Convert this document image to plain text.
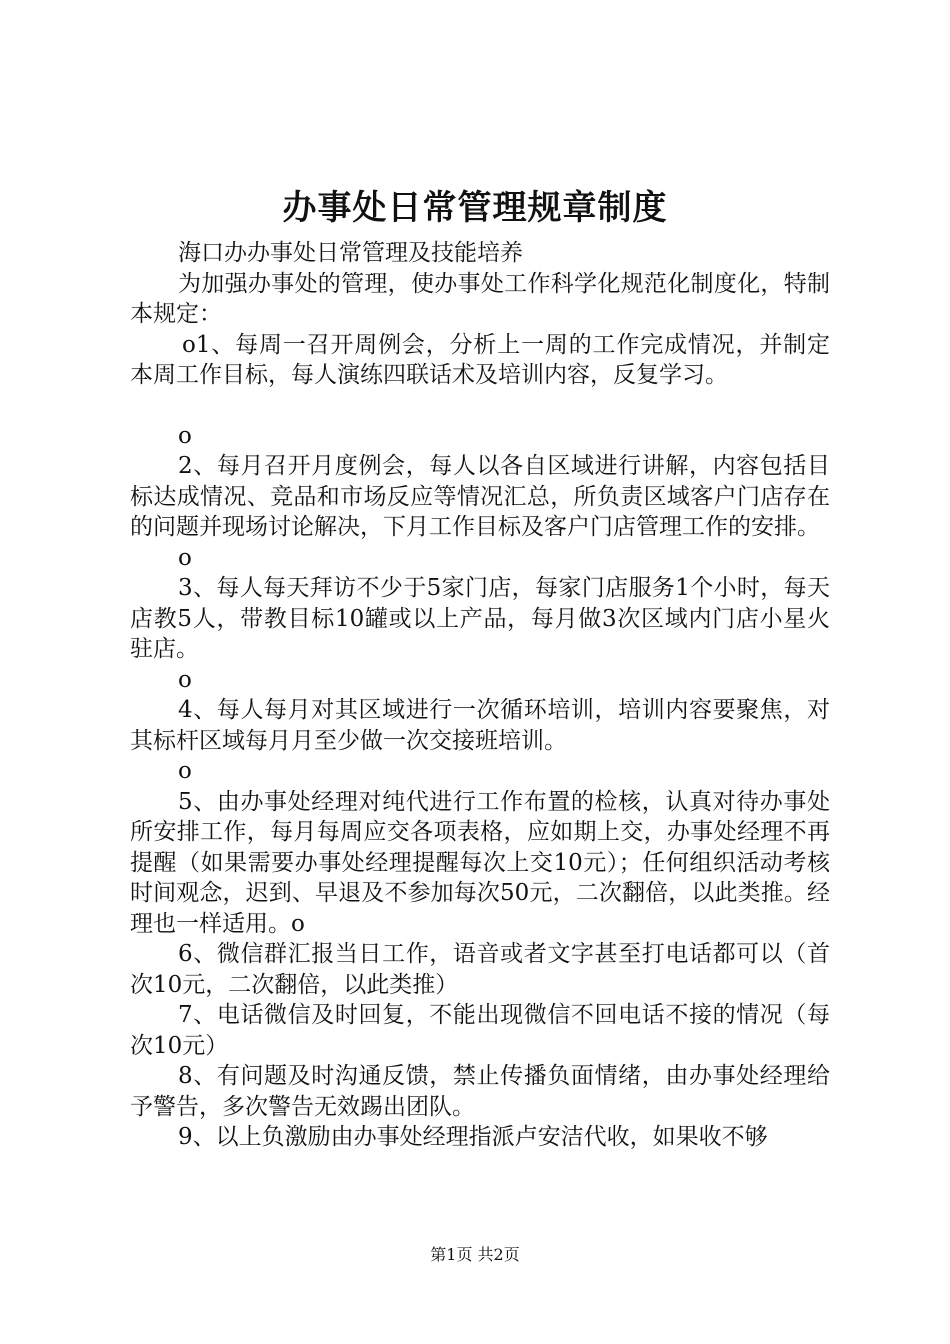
办事处日常管理规章制度

海口办办事处日常管理及技能培养

为加强办事处的管理，使办事处工作科学化规范化制度化，特制本规定：

o1、每周一召开周例会，分析上一周的工作完成情况，并制定本周工作目标，每人演练四联话术及培训内容，反复学习。

o

2、每月召开月度例会，每人以各自区域进行讲解，内容包括目标达成情况、竞品和市场反应等情况汇总，所负责区域客户门店存在的问题并现场讨论解决，下月工作目标及客户门店管理工作的安排。

o

3、每人每天拜访不少于5家门店，每家门店服务1个小时，每天店教5人，带教目标10罐或以上产品，每月做3次区域内门店小星火驻店。

o

4、每人每月对其区域进行一次循环培训，培训内容要聚焦，对其标杆区域每月月至少做一次交接班培训。

o

5、由办事处经理对纯代进行工作布置的检核，认真对待办事处所安排工作，每月每周应交各项表格，应如期上交，办事处经理不再提醒（如果需要办事处经理提醒每次上交10元）；任何组织活动考核时间观念，迟到、早退及不参加每次50元，二次翻倍，以此类推。经理也一样适用。o

6、微信群汇报当日工作，语音或者文字甚至打电话都可以（首次10元，二次翻倍，以此类推）

7、电话微信及时回复，不能出现微信不回电话不接的情况（每次10元）

8、有问题及时沟通反馈，禁止传播负面情绪，由办事处经理给予警告，多次警告无效踢出团队。

9、以上负激励由办事处经理指派卢安洁代收，如果收不够

第1页 共2页
